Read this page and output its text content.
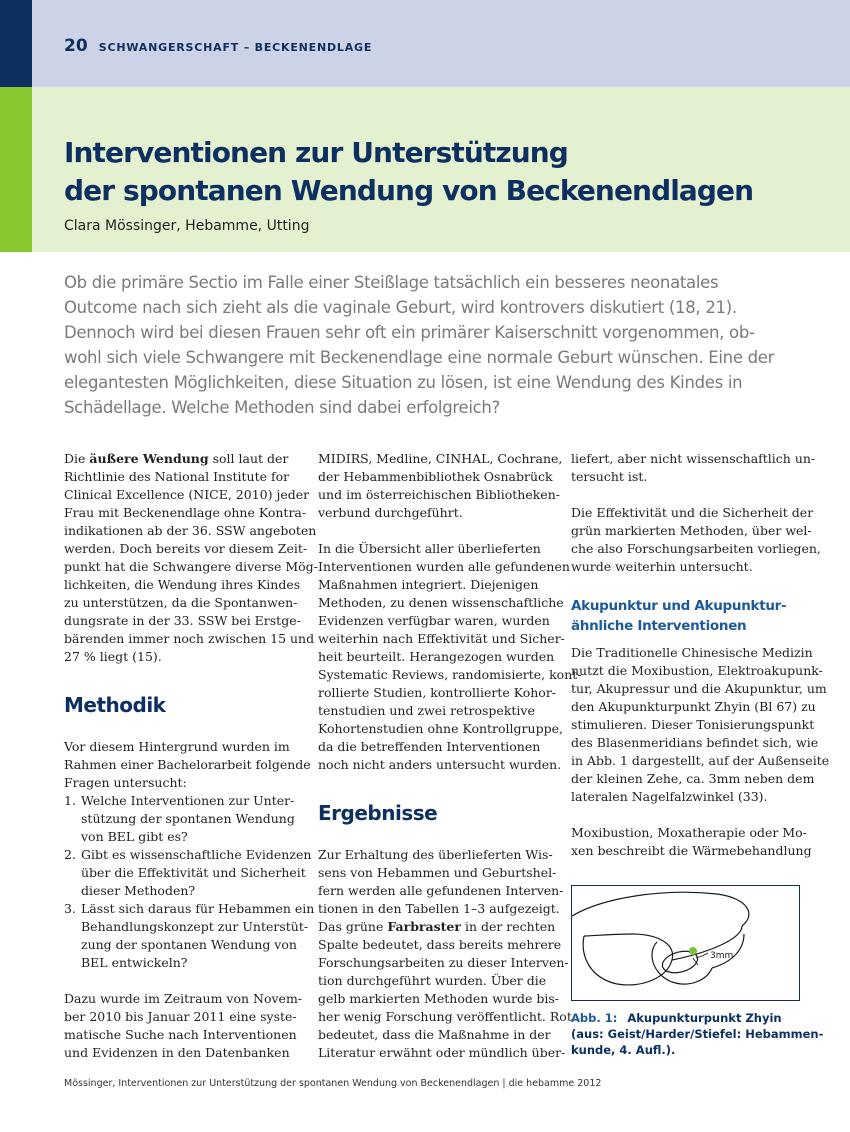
20 SCHWANGERSCHAFT – BECKENENDLAGE
Interventionen zur Unterstützung
der spontanen Wendung von Beckenendlagen
Clara Mössinger, Hebamme, Utting
Ob die primäre Sectio im Falle einer Steißlage tatsächlich ein besseres neonatales
Outcome nach sich zieht als die vaginale Geburt, wird kontrovers diskutiert (18, 21).
Dennoch wird bei diesen Frauen sehr oft ein primärer Kaiserschnitt vorgenommen, ob-
wohl sich viele Schwangere mit Beckenendlage eine normale Geburt wünschen. Eine der
elegantesten Möglichkeiten, diese Situation zu lösen, ist eine Wendung des Kindes in
Schädellage. Welche Methoden sind dabei erfolgreich?
Die äußere Wendung soll laut der
Richtlinie des National Institute for
Clinical Excellence (NICE, 2010) jeder
Frau mit Beckenendlage ohne Kontra-
indikationen ab der 36. SSW angeboten
werden. Doch bereits vor diesem Zeit-
punkt hat die Schwangere diverse Mög-
lichkeiten, die Wendung ihres Kindes
zu unterstützen, da die Spontanwen-
dungsrate in der 33. SSW bei Erstge-
bärenden immer noch zwischen 15 und
27 % liegt (15).
Methodik
Vor diesem Hintergrund wurden im
Rahmen einer Bachelorarbeit folgende
Fragen untersucht:
1. Welche Interventionen zur Unter-
stützung der spontanen Wendung
von BEL gibt es?
2. Gibt es wissenschaftliche Evidenzen
über die Effektivität und Sicherheit
dieser Methoden?
3. Lässt sich daraus für Hebammen ein
Behandlungskonzept zur Unterstüt-
zung der spontanen Wendung von
BEL entwickeln?
Dazu wurde im Zeitraum von Novem-
ber 2010 bis Januar 2011 eine syste-
matische Suche nach Interventionen
und Evidenzen in den Datenbanken
MIDIRS, Medline, CINHAL, Cochrane,
der Hebammenbibliothek Osnabrück
und im österreichischen Bibliotheken-
verbund durchgeführt.
In die Übersicht aller überlieferten
Interventionen wurden alle gefundenen
Maßnahmen integriert. Diejenigen
Methoden, zu denen wissenschaftliche
Evidenzen verfügbar waren, wurden
weiterhin nach Effektivität und Sicher-
heit beurteilt. Herangezogen wurden
Systematic Reviews, randomisierte, kont-
rollierte Studien, kontrollierte Kohor-
tenstudien und zwei retrospektive
Kohortenstudien ohne Kontrollgruppe,
da die betreffenden Interventionen
noch nicht anders untersucht wurden.
Ergebnisse
Zur Erhaltung des überlieferten Wis-
sens von Hebammen und Geburtshel-
fern werden alle gefundenen Interven-
tionen in den Tabellen 1–3 aufgezeigt.
Das grüne Farbraster in der rechten
Spalte bedeutet, dass bereits mehrere
Forschungsarbeiten zu dieser Interven-
tion durchgeführt wurden. Über die
gelb markierten Methoden wurde bis-
her wenig Forschung veröffentlicht. Rot
bedeutet, dass die Maßnahme in der
Literatur erwähnt oder mündlich über-
liefert, aber nicht wissenschaftlich un-
tersucht ist.
Die Effektivität und die Sicherheit der
grün markierten Methoden, über wel-
che also Forschungsarbeiten vorliegen,
wurde weiterhin untersucht.
Akupunktur und Akupunktur-
ähnliche Interventionen
Die Traditionelle Chinesische Medizin
nutzt die Moxibustion, Elektroakupunk-
tur, Akupressur und die Akupunktur, um
den Akupunkturpunkt Zhyin (Bl 67) zu
stimulieren. Dieser Tonisierungspunkt
des Blasenmeridians befindet sich, wie
in Abb. 1 dargestellt, auf der Außenseite
der kleinen Zehe, ca. 3mm neben dem
lateralen Nagelfalzwinkel (33).
Moxibustion, Moxatherapie oder Mo-
xen beschreibt die Wärmebehandlung
3mm
Abb. 1: Akupunkturpunkt Zhyin
(aus: Geist/Harder/Stiefel: Hebammen-
kunde, 4. Aufl.).
Mössinger, Interventionen zur Unterstützung der spontanen Wendung von Beckenendlagen | die hebamme 2012
